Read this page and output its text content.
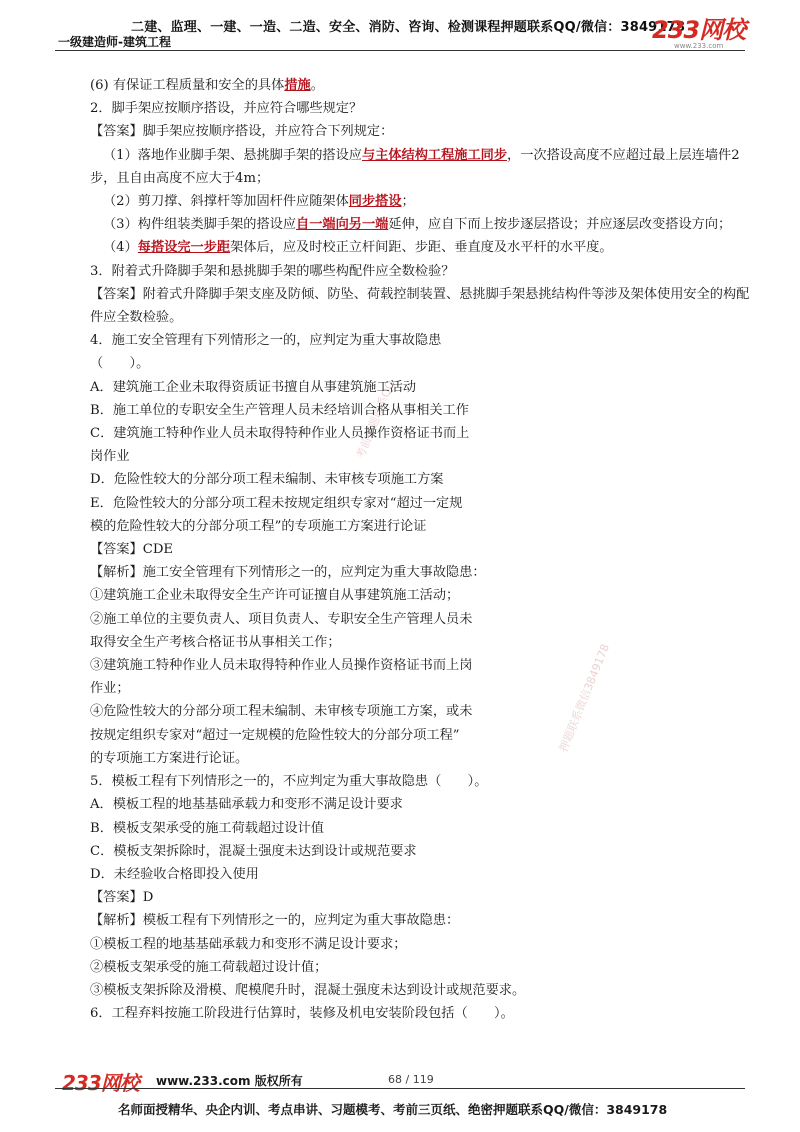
二建、监理、一建、一造、二造、安全、消防、咨询、检测课程押题联系QQ/微信：3849178
一级建造师-建筑工程	233网校
www.233.com
考前押题联系QQ
押题联系微信3849178

(6) 有保证工程质量和安全的具体措施。

2．脚手架应按顺序搭设，并应符合哪些规定？

【答案】脚手架应按顺序搭设，并应符合下列规定：

（1）落地作业脚手架、悬挑脚手架的搭设应与主体结构工程施工同步，一次搭设高度不应超过最上层连墙件2步，且自由高度不应大于4m；

（2）剪刀撑、斜撑杆等加固杆件应随架体同步搭设；

（3）构件组装类脚手架的搭设应自一端向另一端延伸，应自下而上按步逐层搭设；并应逐层改变搭设方向；

（4）每搭设完一步距架体后，应及时校正立杆间距、步距、垂直度及水平杆的水平度。

3．附着式升降脚手架和悬挑脚手架的哪些构配件应全数检验？

【答案】附着式升降脚手架支座及防倾、防坠、荷载控制装置、悬挑脚手架悬挑结构件等涉及架体使用安全的构配件应全数检验。

4．施工安全管理有下列情形之一的，应判定为重大事故隐患

（　　）。

A．建筑施工企业未取得资质证书擅自从事建筑施工活动

B．施工单位的专职安全生产管理人员未经培训合格从事相关工作

C．建筑施工特种作业人员未取得特种作业人员操作资格证书而上

岗作业

D．危险性较大的分部分项工程未编制、未审核专项施工方案

E．危险性较大的分部分项工程未按规定组织专家对“超过一定规

模的危险性较大的分部分项工程”的专项施工方案进行论证

【答案】CDE

【解析】施工安全管理有下列情形之一的，应判定为重大事故隐患：

①建筑施工企业未取得安全生产许可证擅自从事建筑施工活动；

②施工单位的主要负责人、项目负责人、专职安全生产管理人员未

取得安全生产考核合格证书从事相关工作；

③建筑施工特种作业人员未取得特种作业人员操作资格证书而上岗

作业；

④危险性较大的分部分项工程未编制、未审核专项施工方案，或未

按规定组织专家对“超过一定规模的危险性较大的分部分项工程”

的专项施工方案进行论证。

5．模板工程有下列情形之一的，不应判定为重大事故隐患（　　）。

A．模板工程的地基基础承载力和变形不满足设计要求

B．模板支架承受的施工荷载超过设计值

C．模板支架拆除时，混凝土强度未达到设计或规范要求

D．未经验收合格即投入使用

【答案】D

【解析】模板工程有下列情形之一的，应判定为重大事故隐患：

①模板工程的地基基础承载力和变形不满足设计要求；

②模板支架承受的施工荷载超过设计值；

③模板支架拆除及滑模、爬模爬升时，混凝土强度未达到设计或规范要求。

6．工程弃料按施工阶段进行估算时，装修及机电安装阶段包括（　　）。

233网校 www.233.com 版权所有	68 / 119
名师面授精华、央企内训、考点串讲、习题模考、考前三页纸、绝密押题联系QQ/微信：3849178
